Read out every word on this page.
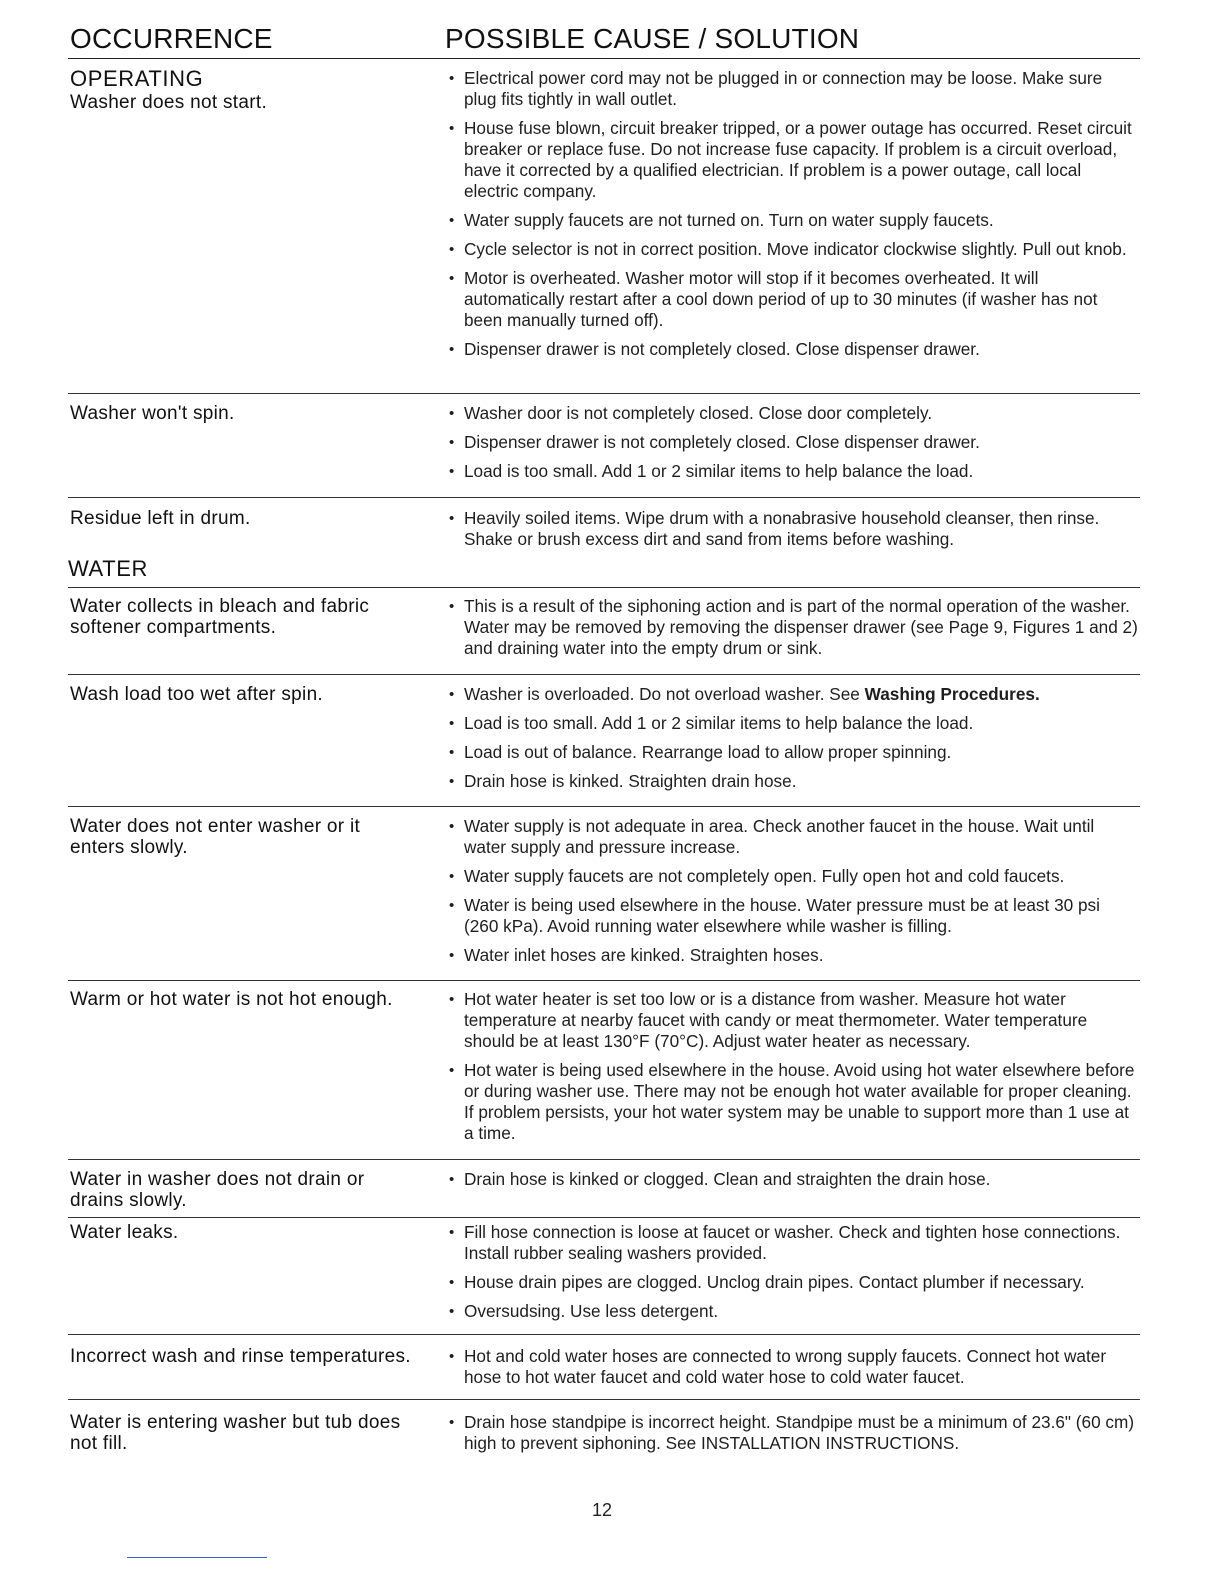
OCCURRENCE	POSSIBLE CAUSE / SOLUTION
OPERATING
Washer does not start.
• Electrical power cord may not be plugged in or connection may be loose. Make sure plug fits tightly in wall outlet.
• House fuse blown, circuit breaker tripped, or a power outage has occurred. Reset circuit breaker or replace fuse. Do not increase fuse capacity. If problem is a circuit overload, have it corrected by a qualified electrician. If problem is a power outage, call local electric company.
• Water supply faucets are not turned on. Turn on water supply faucets.
• Cycle selector is not in correct position. Move indicator clockwise slightly. Pull out knob.
• Motor is overheated. Washer motor will stop if it becomes overheated. It will automatically restart after a cool down period of up to 30 minutes (if washer has not been manually turned off).
• Dispenser drawer is not completely closed. Close dispenser drawer.
Washer won't spin.	• Washer door is not completely closed. Close door completely.
• Dispenser drawer is not completely closed. Close dispenser drawer.
• Load is too small. Add 1 or 2 similar items to help balance the load.
Residue left in drum.	• Heavily soiled items. Wipe drum with a nonabrasive household cleanser, then rinse. Shake or brush excess dirt and sand from items before washing.
WATER
Water collects in bleach and fabric softener compartments.
• This is a result of the siphoning action and is part of the normal operation of the washer. Water may be removed by removing the dispenser drawer (see Page 9, Figures 1 and 2) and draining water into the empty drum or sink.
Wash load too wet after spin.	• Washer is overloaded. Do not overload washer. See Washing Procedures.
• Load is too small. Add 1 or 2 similar items to help balance the load.
• Load is out of balance. Rearrange load to allow proper spinning.
• Drain hose is kinked. Straighten drain hose.
Water does not enter washer or it enters slowly.
• Water supply is not adequate in area. Check another faucet in the house. Wait until water supply and pressure increase.
• Water supply faucets are not completely open. Fully open hot and cold faucets.
• Water is being used elsewhere in the house. Water pressure must be at least 30 psi (260 kPa). Avoid running water elsewhere while washer is filling.
• Water inlet hoses are kinked. Straighten hoses.
Warm or hot water is not hot enough.	• Hot water heater is set too low or is a distance from washer. Measure hot water temperature at nearby faucet with candy or meat thermometer. Water temperature should be at least 130°F (70°C). Adjust water heater as necessary.
• Hot water is being used elsewhere in the house. Avoid using hot water elsewhere before or during washer use. There may not be enough hot water available for proper cleaning. If problem persists, your hot water system may be unable to support more than 1 use at a time.
Water in washer does not drain or drains slowly.
• Drain hose is kinked or clogged. Clean and straighten the drain hose.
Water leaks.	• Fill hose connection is loose at faucet or washer. Check and tighten hose connections. Install rubber sealing washers provided.
• House drain pipes are clogged. Unclog drain pipes. Contact plumber if necessary.
• Oversudsing. Use less detergent.
Incorrect wash and rinse temperatures.	• Hot and cold water hoses are connected to wrong supply faucets. Connect hot water hose to hot water faucet and cold water hose to cold water faucet.
Water is entering washer but tub does not fill.
• Drain hose standpipe is incorrect height. Standpipe must be a minimum of 23.6" (60 cm) high to prevent siphoning. See INSTALLATION INSTRUCTIONS.
12
